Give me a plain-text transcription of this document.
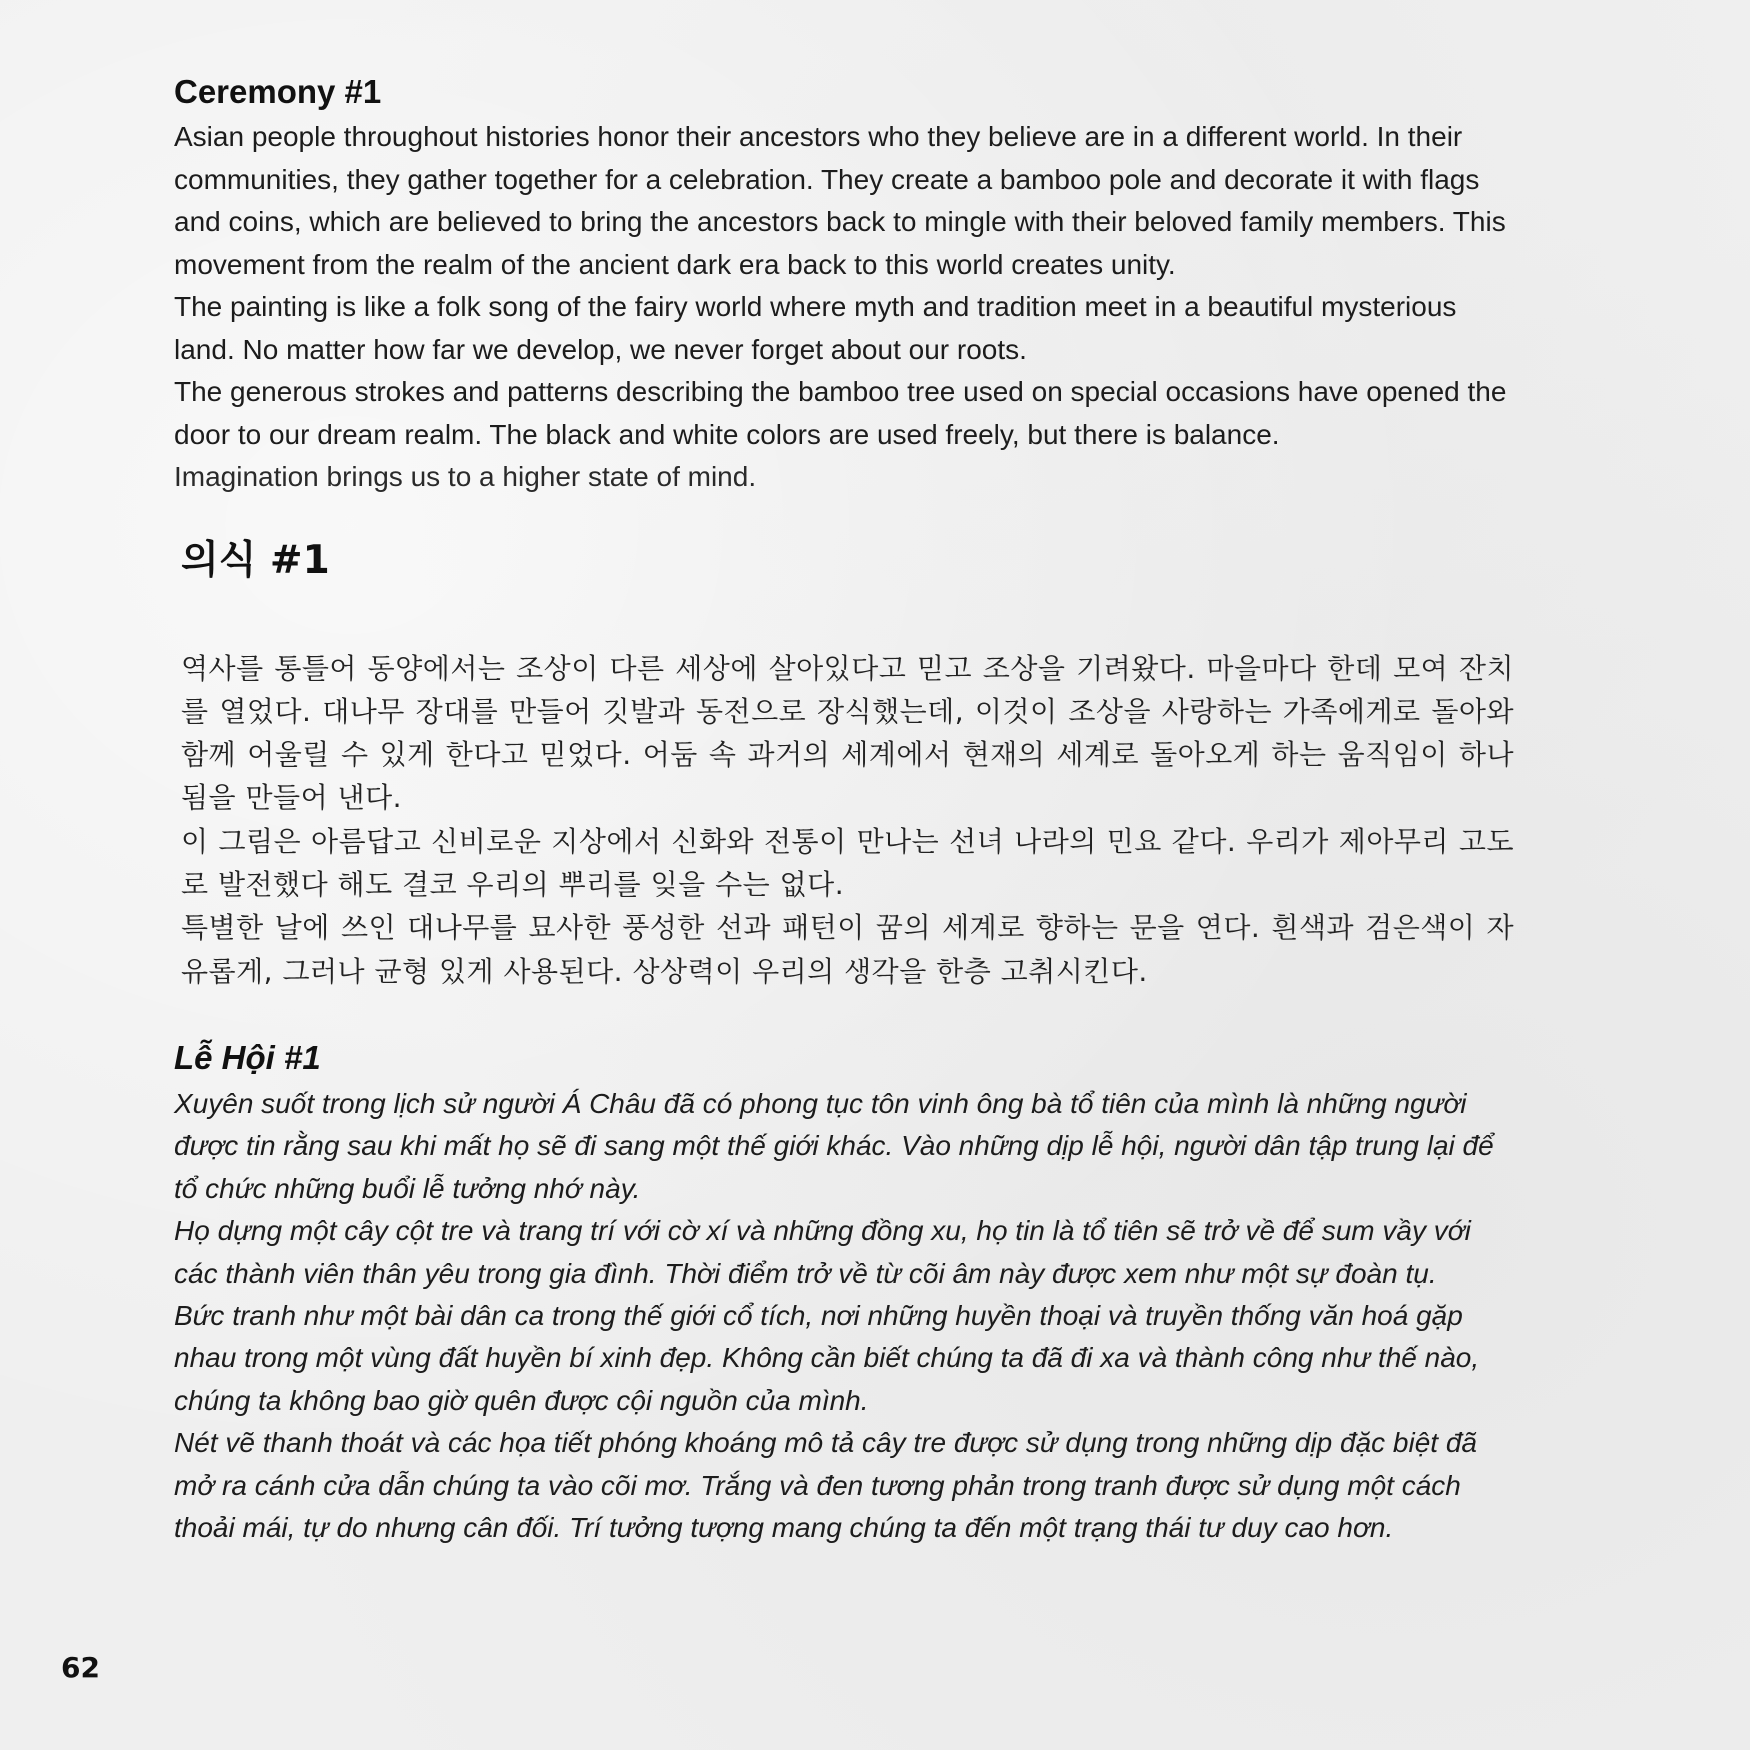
Ceremony #1

Asian people throughout histories honor their ancestors who they believe are in a different world. In their communities, they gather together for a celebration. They create a bamboo pole and decorate it with flags and coins, which are believed to bring the ancestors back to mingle with their beloved family members. This movement from the realm of the ancient dark era back to this world creates unity.

The painting is like a folk song of the fairy world where myth and tradition meet in a beautiful mysterious land. No matter how far we develop, we never forget about our roots.

The generous strokes and patterns describing the bamboo tree used on special occasions have opened the door to our dream realm. The black and white colors are used freely, but there is balance.

Imagination brings us to a higher state of mind.

의식 #1

역사를 통틀어 동양에서는 조상이 다른 세상에 살아있다고 믿고 조상을 기려왔다. 마을마다 한데 모여 잔치를 열었다. 대나무 장대를 만들어 깃발과 동전으로 장식했는데, 이것이 조상을 사랑하는 가족에게로 돌아와 함께 어울릴 수 있게 한다고 믿었다. 어둠 속 과거의 세계에서 현재의 세계로 돌아오게 하는 움직임이 하나 됨을 만들어 낸다.

이 그림은 아름답고 신비로운 지상에서 신화와 전통이 만나는 선녀 나라의 민요 같다. 우리가 제아무리 고도로 발전했다 해도 결코 우리의 뿌리를 잊을 수는 없다.

특별한 날에 쓰인 대나무를 묘사한 풍성한 선과 패턴이 꿈의 세계로 향하는 문을 연다. 흰색과 검은색이 자유롭게, 그러나 균형 있게 사용된다. 상상력이 우리의 생각을 한층 고취시킨다.

Lễ Hội #1

Xuyên suốt trong lịch sử người Á Châu đã có phong tục tôn vinh ông bà tổ tiên của mình là những người được tin rằng sau khi mất họ sẽ đi sang một thế giới khác. Vào những dịp lễ hội, người dân tập trung lại để tổ chức những buổi lễ tưởng nhớ này.

Họ dựng một cây cột tre và trang trí với cờ xí và những đồng xu, họ tin là tổ tiên sẽ trở về để sum vầy với các thành viên thân yêu trong gia đình. Thời điểm trở về từ cõi âm này được xem như một sự đoàn tụ.

Bức tranh như một bài dân ca trong thế giới cổ tích, nơi những huyền thoại và truyền thống văn hoá gặp nhau trong một vùng đất huyền bí xinh đẹp. Không cần biết chúng ta đã đi xa và thành công như thế nào, chúng ta không bao giờ quên được cội nguồn của mình.

Nét vẽ thanh thoát và các họa tiết phóng khoáng mô tả cây tre được sử dụng trong những dịp đặc biệt đã mở ra cánh cửa dẫn chúng ta vào cõi mơ. Trắng và đen tương phản trong tranh được sử dụng một cách thoải mái, tự do nhưng cân đối. Trí tưởng tượng mang chúng ta đến một trạng thái tư duy cao hơn.

62
